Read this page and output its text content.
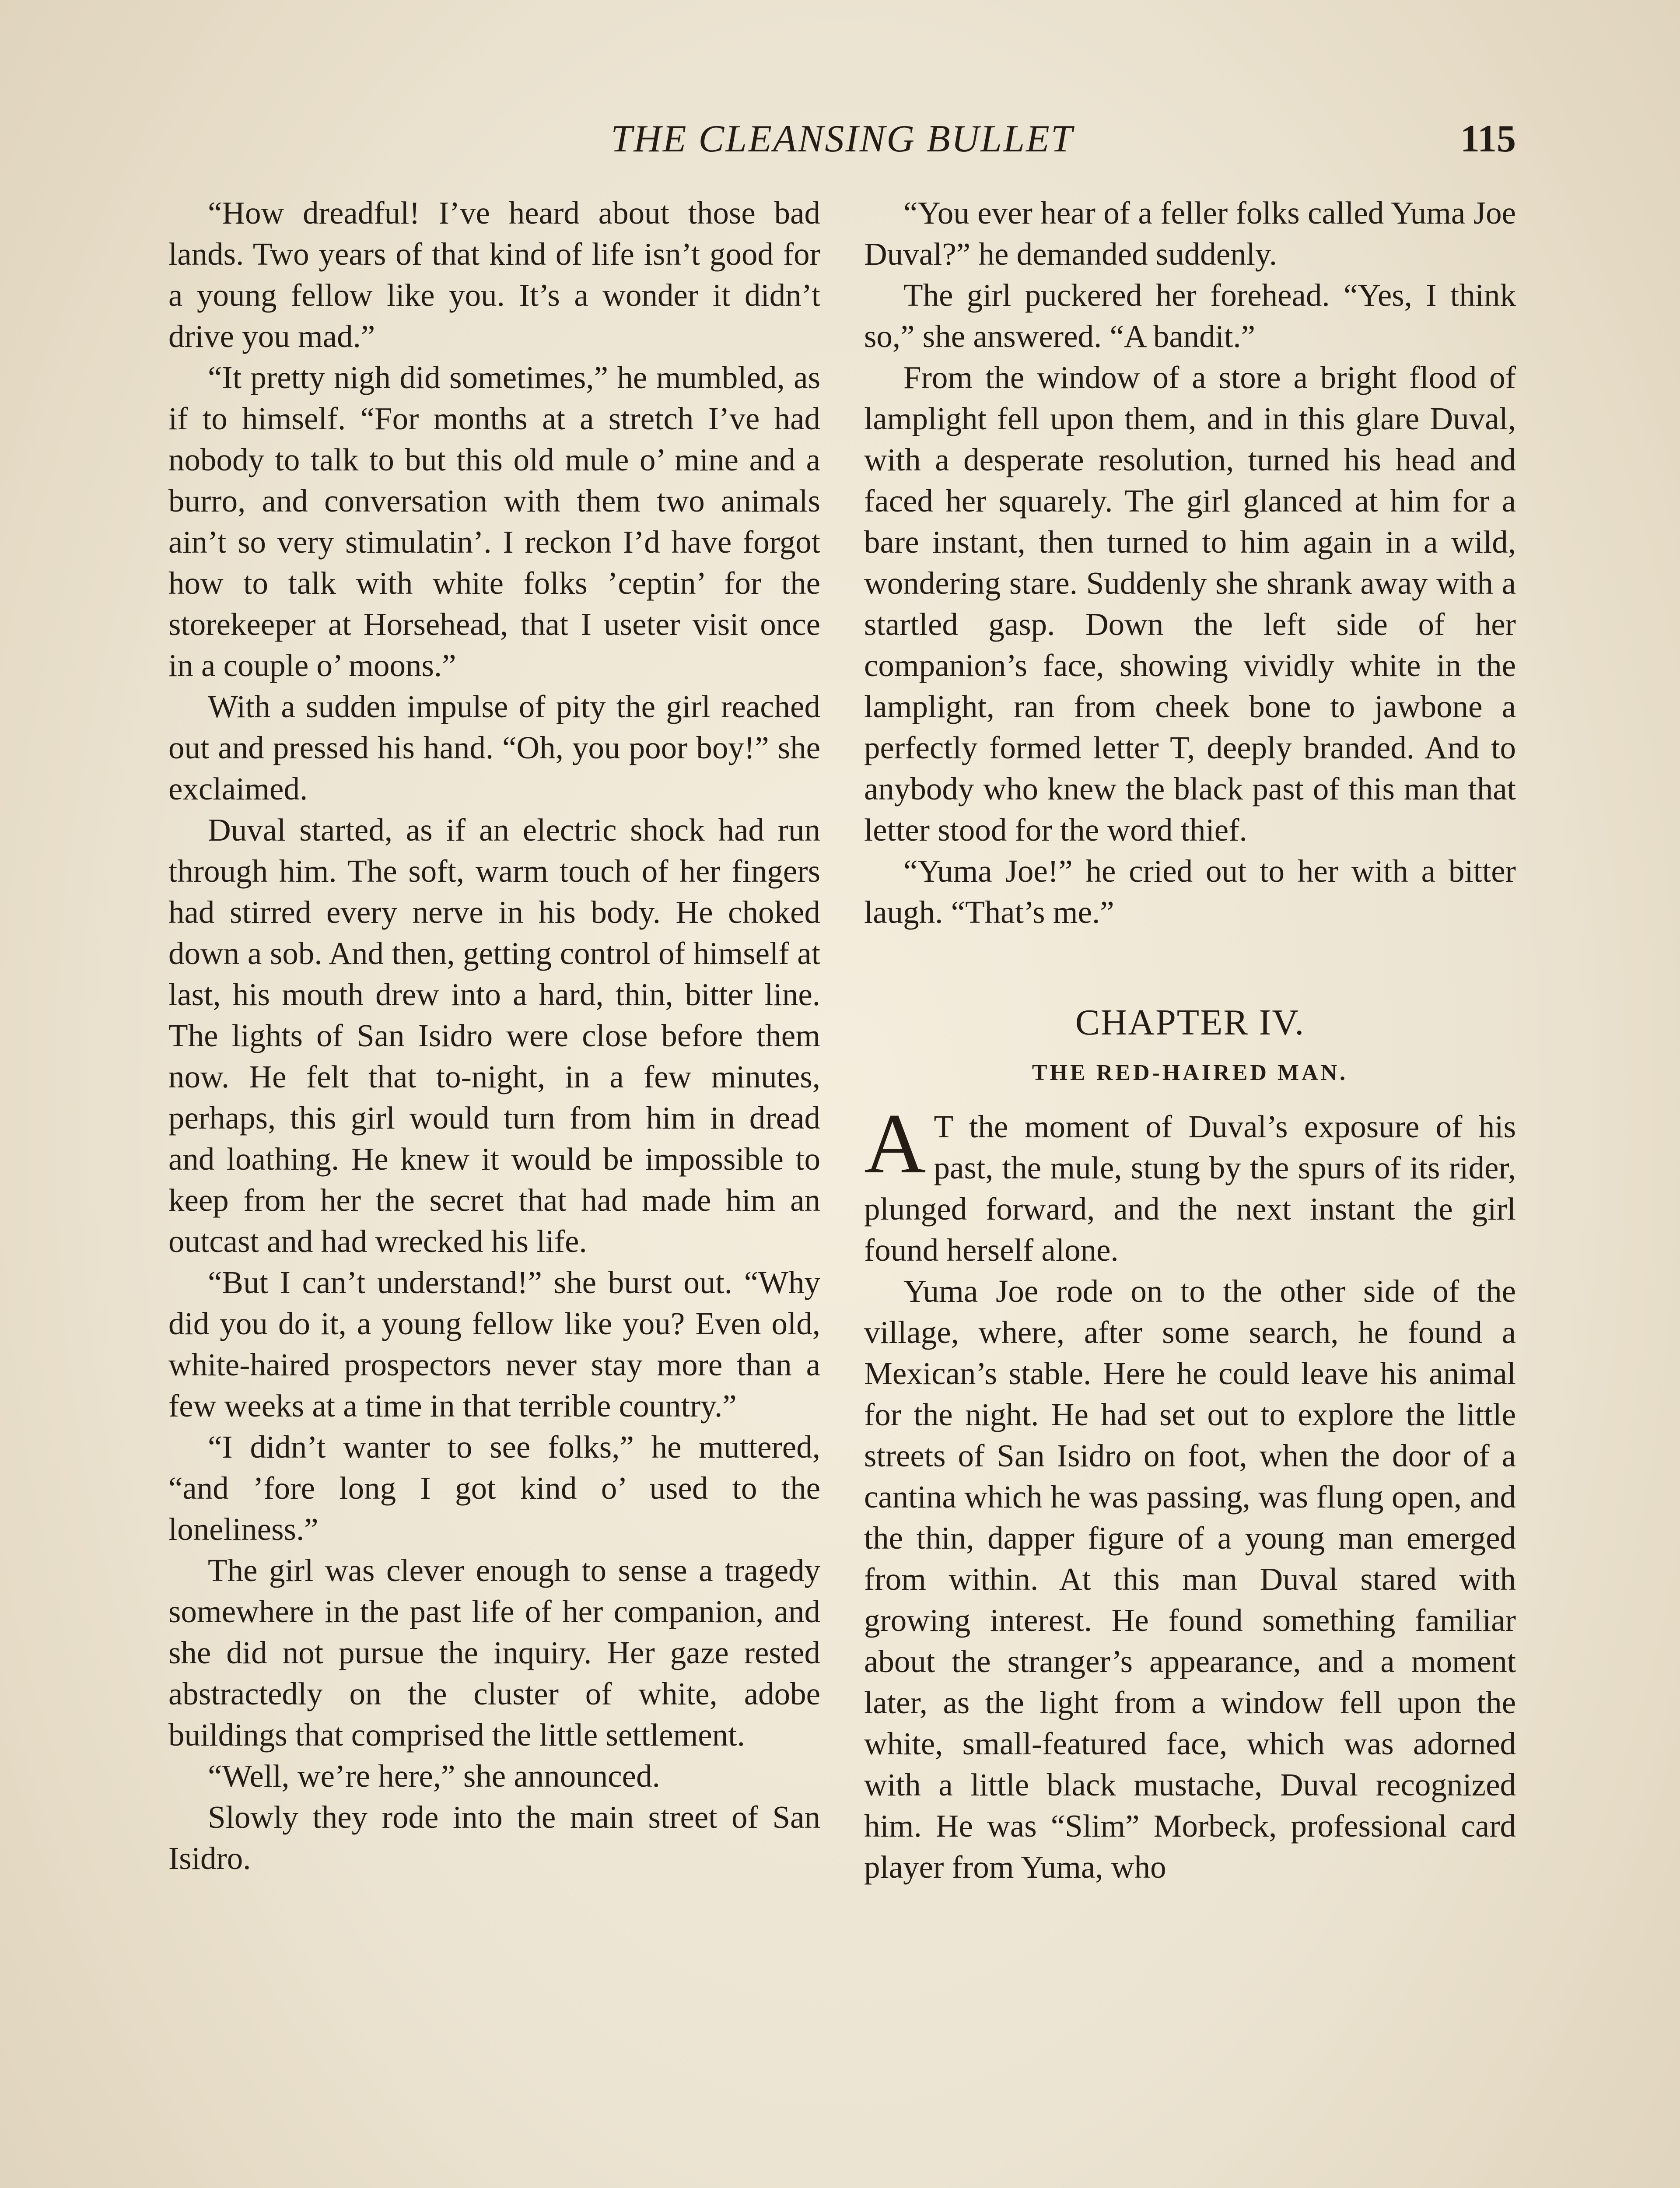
THE CLEANSING BULLET	115

“How dreadful! I’ve heard about those bad lands. Two years of that kind of life isn’t good for a young fellow like you. It’s a wonder it didn’t drive you mad.”

“It pretty nigh did sometimes,” he mumbled, as if to himself. “For months at a stretch I’ve had nobody to talk to but this old mule o’ mine and a burro, and conversation with them two animals ain’t so very stimulatin’. I reckon I’d have forgot how to talk with white folks ’ceptin’ for the storekeeper at Horsehead, that I useter visit once in a couple o’ moons.”

With a sudden impulse of pity the girl reached out and pressed his hand. “Oh, you poor boy!” she exclaimed.

Duval started, as if an electric shock had run through him. The soft, warm touch of her fingers had stirred every nerve in his body. He choked down a sob. And then, getting control of himself at last, his mouth drew into a hard, thin, bitter line. The lights of San Isidro were close before them now. He felt that to-night, in a few minutes, perhaps, this girl would turn from him in dread and loathing. He knew it would be impossible to keep from her the secret that had made him an outcast and had wrecked his life.

“But I can’t understand!” she burst out. “Why did you do it, a young fellow like you? Even old, white-haired prospectors never stay more than a few weeks at a time in that terrible country.”

“I didn’t wanter to see folks,” he muttered, “and ’fore long I got kind o’ used to the loneliness.”

The girl was clever enough to sense a tragedy somewhere in the past life of her companion, and she did not pursue the inquiry. Her gaze rested abstractedly on the cluster of white, adobe buildings that comprised the little settlement.

“Well, we’re here,” she announced.

Slowly they rode into the main street of San Isidro.

“You ever hear of a feller folks called Yuma Joe Duval?” he demanded suddenly.

The girl puckered her forehead. “Yes, I think so,” she answered. “A bandit.”

From the window of a store a bright flood of lamplight fell upon them, and in this glare Duval, with a desperate resolution, turned his head and faced her squarely. The girl glanced at him for a bare instant, then turned to him again in a wild, wondering stare. Suddenly she shrank away with a startled gasp. Down the left side of her companion’s face, showing vividly white in the lamplight, ran from cheek bone to jawbone a perfectly formed letter T, deeply branded. And to anybody who knew the black past of this man that letter stood for the word thief.

“Yuma Joe!” he cried out to her with a bitter laugh. “That’s me.”

CHAPTER IV.
THE RED-HAIRED MAN.

A T the moment of Duval’s exposure of his past, the mule, stung by the spurs of its rider, plunged forward, and the next instant the girl found herself alone.

Yuma Joe rode on to the other side of the village, where, after some search, he found a Mexican’s stable. Here he could leave his animal for the night. He had set out to explore the little streets of San Isidro on foot, when the door of a cantina which he was passing, was flung open, and the thin, dapper figure of a young man emerged from within. At this man Duval stared with growing interest. He found something familiar about the stranger’s appearance, and a moment later, as the light from a window fell upon the white, small-featured face, which was adorned with a little black mustache, Duval recognized him. He was “Slim” Morbeck, professional card player from Yuma, who
